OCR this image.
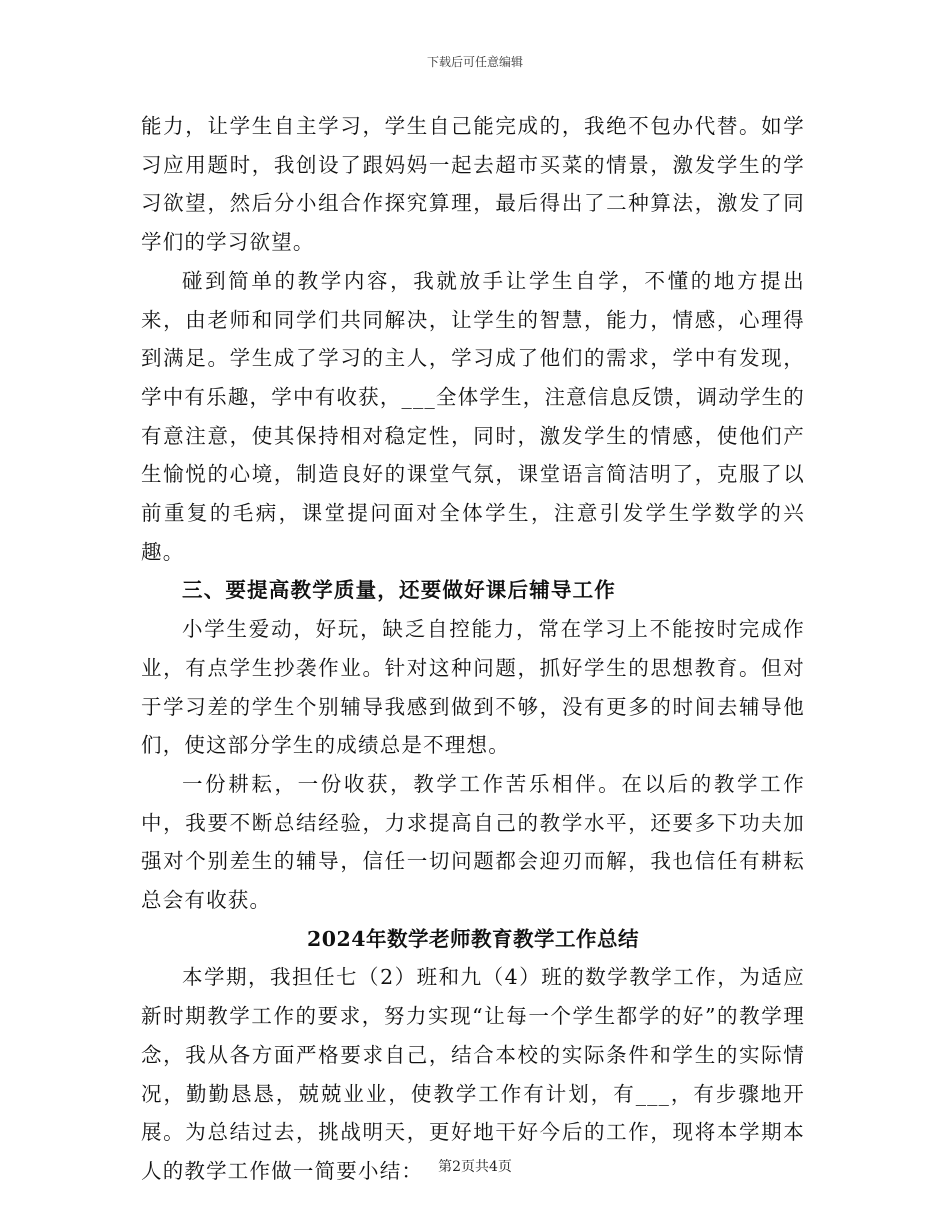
下载后可任意编辑

能力，让学生自主学习，学生自己能完成的，我绝不包办代替。如学习应用题时，我创设了跟妈妈一起去超市买菜的情景，激发学生的学习欲望，然后分小组合作探究算理，最后得出了二种算法，激发了同学们的学习欲望。

碰到简单的教学内容，我就放手让学生自学，不懂的地方提出来，由老师和同学们共同解决，让学生的智慧，能力，情感，心理得到满足。学生成了学习的主人，学习成了他们的需求，学中有发现，学中有乐趣，学中有收获，___全体学生，注意信息反馈，调动学生的有意注意，使其保持相对稳定性，同时，激发学生的情感，使他们产生愉悦的心境，制造良好的课堂气氛，课堂语言简洁明了，克服了以前重复的毛病，课堂提问面对全体学生，注意引发学生学数学的兴趣。

三、要提高教学质量，还要做好课后辅导工作

小学生爱动，好玩，缺乏自控能力，常在学习上不能按时完成作业，有点学生抄袭作业。针对这种问题，抓好学生的思想教育。但对于学习差的学生个别辅导我感到做到不够，没有更多的时间去辅导他们，使这部分学生的成绩总是不理想。

一份耕耘，一份收获，教学工作苦乐相伴。在以后的教学工作中，我要不断总结经验，力求提高自己的教学水平，还要多下功夫加强对个别差生的辅导，信任一切问题都会迎刃而解，我也信任有耕耘总会有收获。

2024年数学老师教育教学工作总结

本学期，我担任七（2）班和九（4）班的数学教学工作，为适应新时期教学工作的要求，努力实现“让每一个学生都学的好”的教学理念，我从各方面严格要求自己，结合本校的实际条件和学生的实际情况，勤勤恳恳，兢兢业业，使教学工作有计划，有___，有步骤地开展。为总结过去，挑战明天，更好地干好今后的工作，现将本学期本人的教学工作做一简要小结：	第2页共4页
